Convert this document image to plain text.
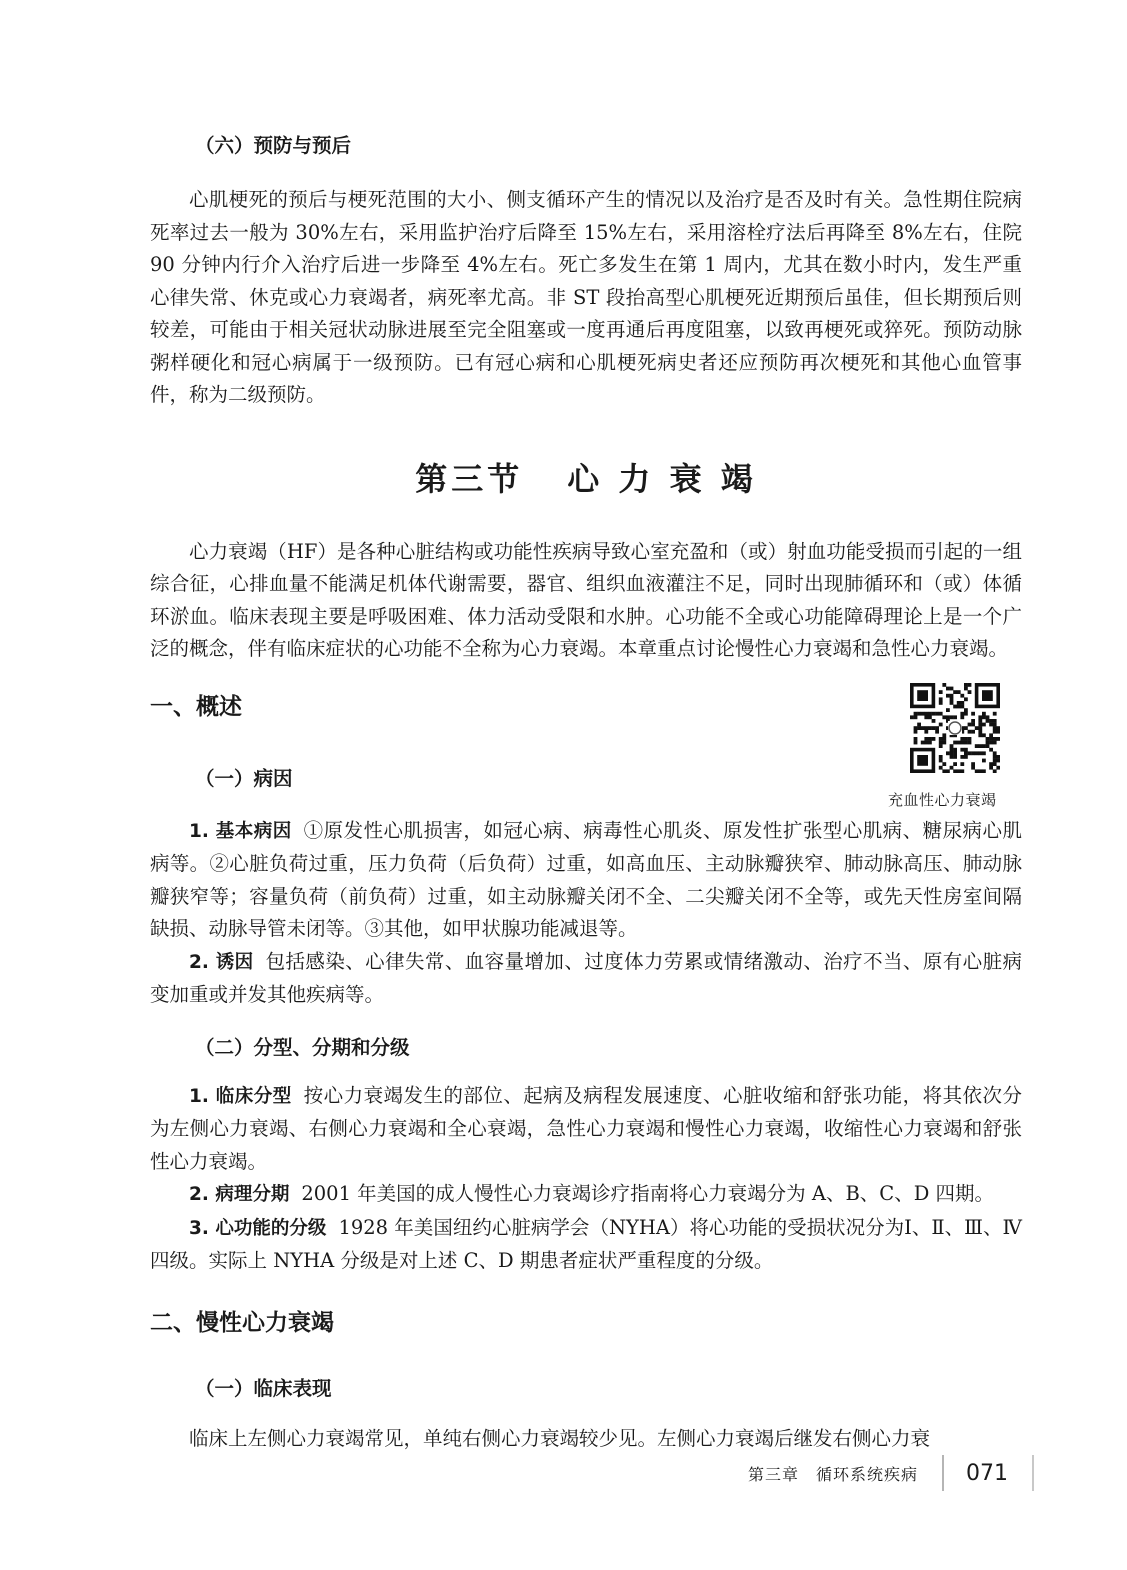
（六）预防与预后

心肌梗死的预后与梗死范围的大小、侧支循环产生的情况以及治疗是否及时有关。急性期住院病死率过去一般为 30%左右，采用监护治疗后降至 15%左右，采用溶栓疗法后再降至 8%左右，住院 90 分钟内行介入治疗后进一步降至 4%左右。死亡多发生在第 1 周内，尤其在数小时内，发生严重心律失常、休克或心力衰竭者，病死率尤高。非 ST 段抬高型心肌梗死近期预后虽佳，但长期预后则较差，可能由于相关冠状动脉进展至完全阻塞或一度再通后再度阻塞，以致再梗死或猝死。预防动脉粥样硬化和冠心病属于一级预防。已有冠心病和心肌梗死病史者还应预防再次梗死和其他心血管事件，称为二级预防。

第三节 心 力 衰 竭

心力衰竭（HF）是各种心脏结构或功能性疾病导致心室充盈和（或）射血功能受损而引起的一组综合征，心排血量不能满足机体代谢需要，器官、组织血液灌注不足，同时出现肺循环和（或）体循环淤血。临床表现主要是呼吸困难、体力活动受限和水肿。心功能不全或心功能障碍理论上是一个广泛的概念，伴有临床症状的心功能不全称为心力衰竭。本章重点讨论慢性心力衰竭和急性心力衰竭。

一、概述
（一）病因

1. 基本病因 ①原发性心肌损害，如冠心病、病毒性心肌炎、原发性扩张型心肌病、糖尿病心肌病等。②心脏负荷过重，压力负荷（后负荷）过重，如高血压、主动脉瓣狭窄、肺动脉高压、肺动脉瓣狭窄等；容量负荷（前负荷）过重，如主动脉瓣关闭不全、二尖瓣关闭不全等，或先天性房室间隔缺损、动脉导管未闭等。③其他，如甲状腺功能减退等。

2. 诱因 包括感染、心律失常、血容量增加、过度体力劳累或情绪激动、治疗不当、原有心脏病变加重或并发其他疾病等。

（二）分型、分期和分级

1. 临床分型 按心力衰竭发生的部位、起病及病程发展速度、心脏收缩和舒张功能，将其依次分为左侧心力衰竭、右侧心力衰竭和全心衰竭，急性心力衰竭和慢性心力衰竭，收缩性心力衰竭和舒张性心力衰竭。

2. 病理分期 2001 年美国的成人慢性心力衰竭诊疗指南将心力衰竭分为 A、B、C、D 四期。

3. 心功能的分级 1928 年美国纽约心脏病学会（NYHA）将心功能的受损状况分为Ⅰ、Ⅱ、Ⅲ、Ⅳ四级。实际上 NYHA 分级是对上述 C、D 期患者症状严重程度的分级。

二、慢性心力衰竭
（一）临床表现

临床上左侧心力衰竭常见，单纯右侧心力衰竭较少见。左侧心力衰竭后继发右侧心力衰

充血性心力衰竭
第三章　循环系统疾病 071
